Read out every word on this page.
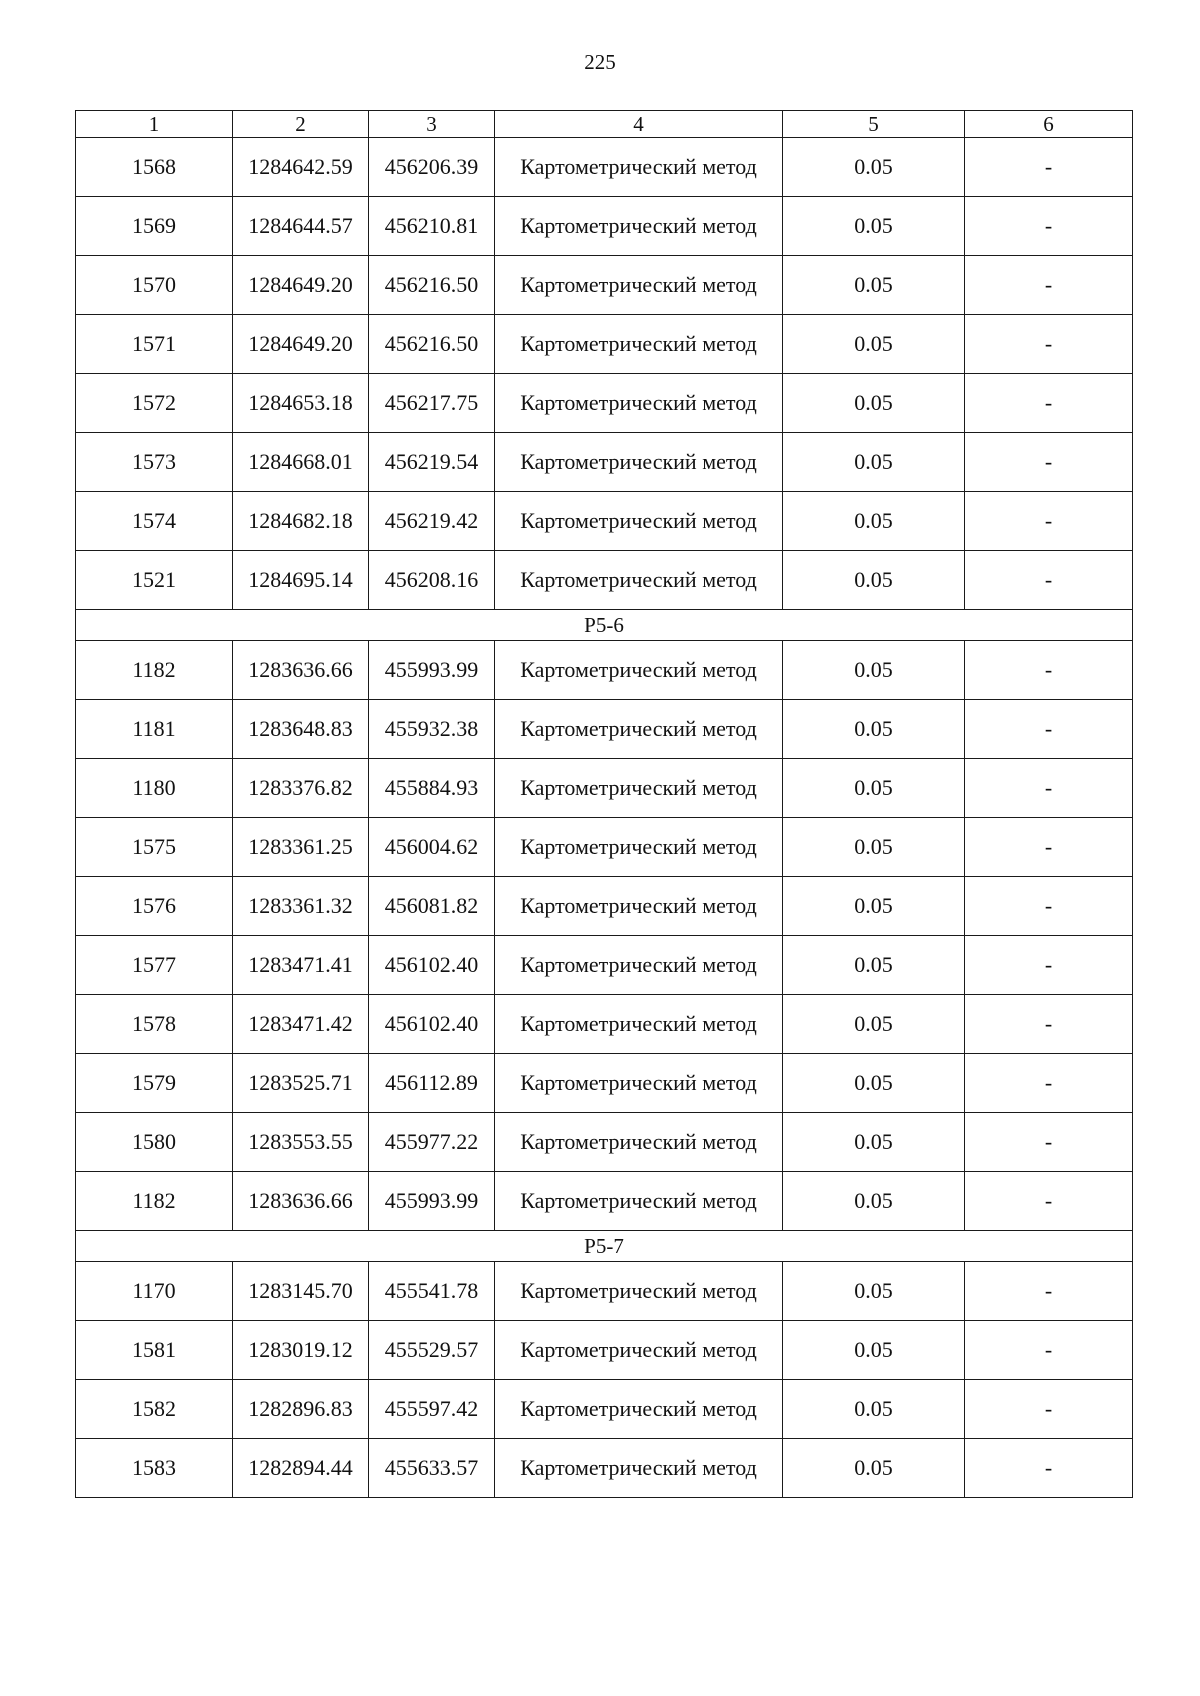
225
1	2	3	4	5	6
1568	1284642.59	456206.39	Картометрический метод	0.05	-
1569	1284644.57	456210.81	Картометрический метод	0.05	-
1570	1284649.20	456216.50	Картометрический метод	0.05	-
1571	1284649.20	456216.50	Картометрический метод	0.05	-
1572	1284653.18	456217.75	Картометрический метод	0.05	-
1573	1284668.01	456219.54	Картометрический метод	0.05	-
1574	1284682.18	456219.42	Картометрический метод	0.05	-
1521	1284695.14	456208.16	Картометрический метод	0.05	-
Р5-6					
1182	1283636.66	455993.99	Картометрический метод	0.05	-
1181	1283648.83	455932.38	Картометрический метод	0.05	-
1180	1283376.82	455884.93	Картометрический метод	0.05	-
1575	1283361.25	456004.62	Картометрический метод	0.05	-
1576	1283361.32	456081.82	Картометрический метод	0.05	-
1577	1283471.41	456102.40	Картометрический метод	0.05	-
1578	1283471.42	456102.40	Картометрический метод	0.05	-
1579	1283525.71	456112.89	Картометрический метод	0.05	-
1580	1283553.55	455977.22	Картометрический метод	0.05	-
1182	1283636.66	455993.99	Картометрический метод	0.05	-
Р5-7					
1170	1283145.70	455541.78	Картометрический метод	0.05	-
1581	1283019.12	455529.57	Картометрический метод	0.05	-
1582	1282896.83	455597.42	Картометрический метод	0.05	-
1583	1282894.44	455633.57	Картометрический метод	0.05	-
